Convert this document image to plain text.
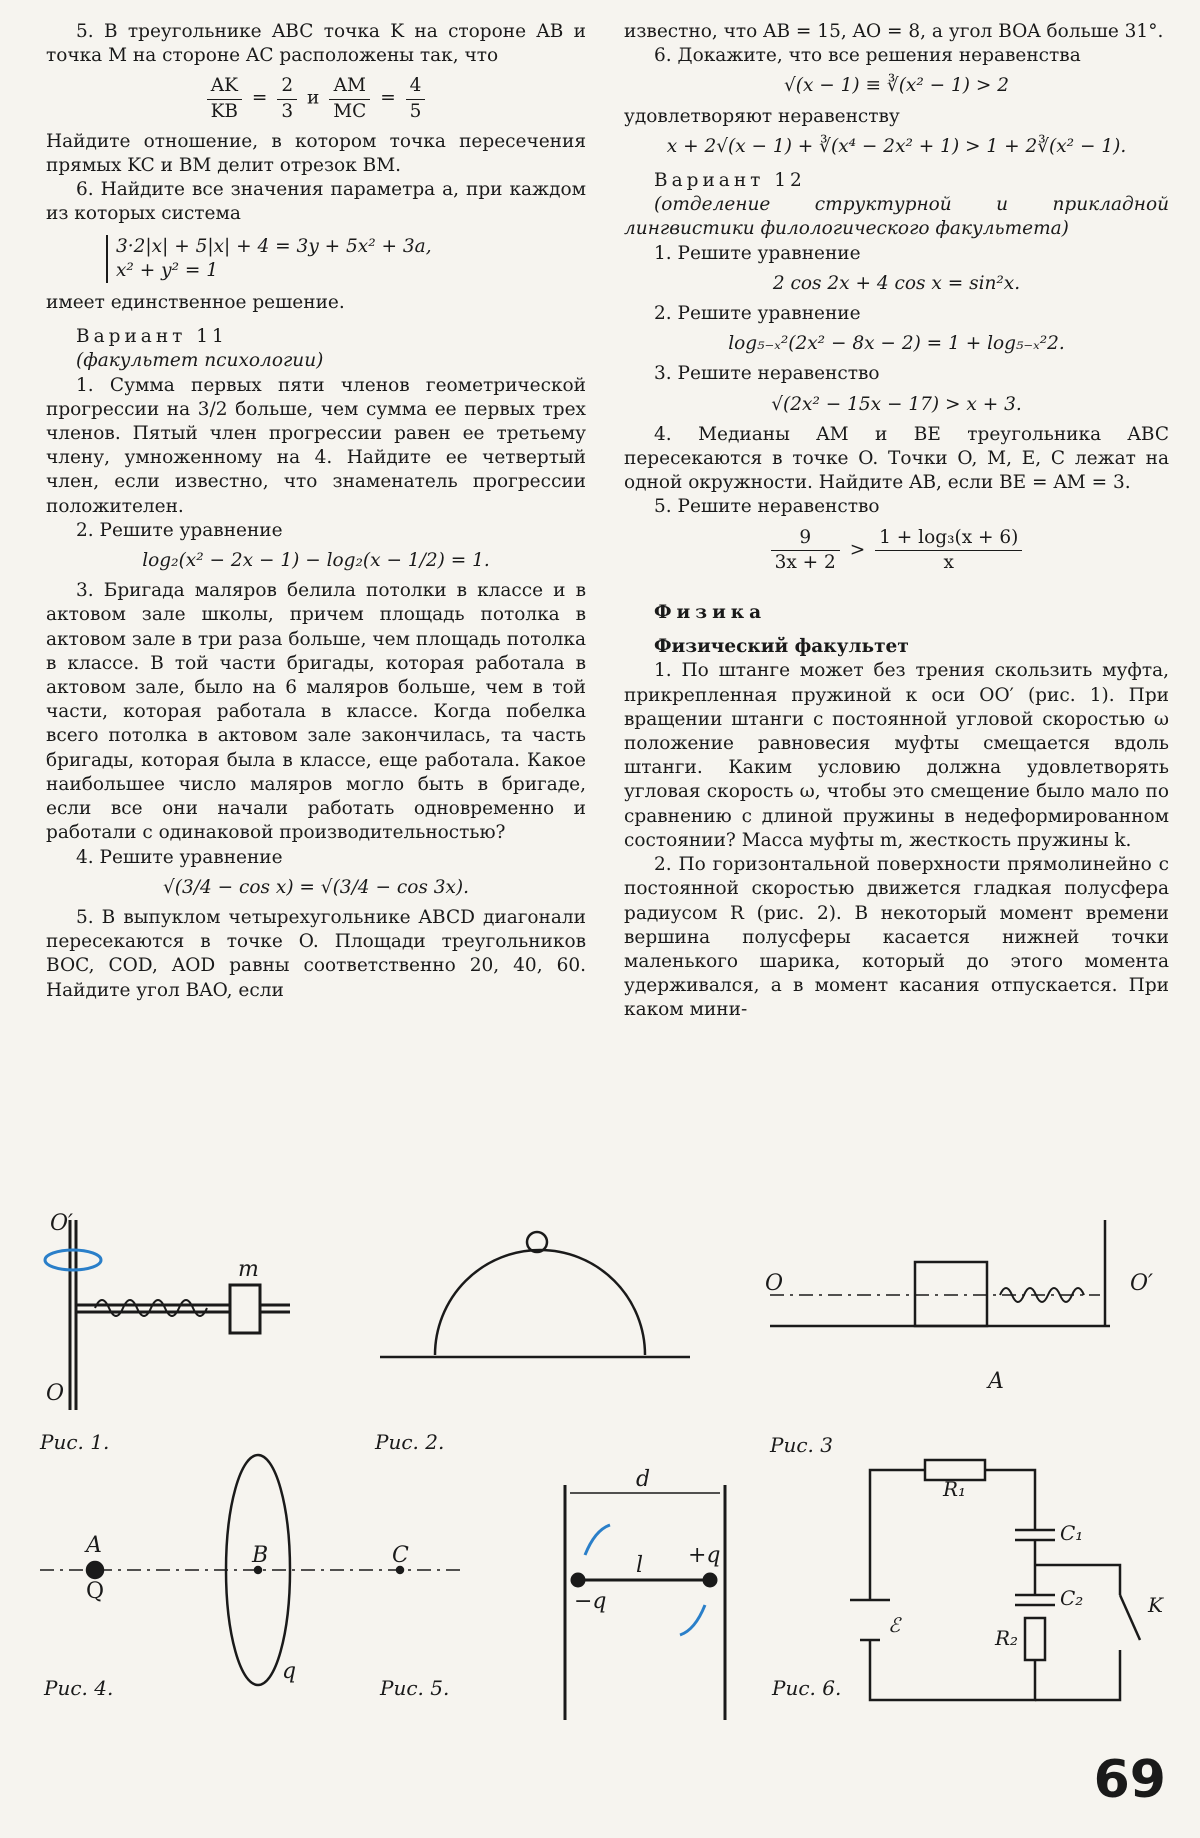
5. В треугольнике ABC точка K на стороне AB и точка M на стороне AC расположены так, что

$\frac{AK}{KB} = \frac{2}{3}$ и $\frac{AM}{MC} = \frac{4}{5}$

Найдите отношение, в котором точка пересечения прямых KC и BM делит отрезок BM.

6. Найдите все значения параметра a, при каждом из которых система

3·2|x| + 5|x| + 4 = 3y + 5x² + 3a,
x² + y² = 1

имеет единственное решение.

Вариант 11

(факультет психологии)

1. Сумма первых пяти членов геометрической прогрессии на 3/2 больше, чем сумма ее первых трех членов. Пятый член прогрессии равен ее третьему члену, умноженному на 4. Найдите ее четвертый член, если известно, что знаменатель прогрессии положителен.

2. Решите уравнение

log₂(x² − 2x − 1) − log₂(x − 1/2) = 1.

3. Бригада маляров белила потолки в классе и в актовом зале школы, причем площадь потолка в актовом зале в три раза больше, чем площадь потолка в классе. В той части бригады, которая работала в актовом зале, было на 6 маляров больше, чем в той части, которая работала в классе. Когда побелка всего потолка в актовом зале закончилась, та часть бригады, которая была в классе, еще работала. Какое наибольшее число маляров могло быть в бригаде, если все они начали работать одновременно и работали с одинаковой производительностью?

4. Решите уравнение

√(3/4 − cos x) = √(3/4 − cos 3x).

5. В выпуклом четырехугольнике ABCD диагонали пересекаются в точке O. Площади треугольников BOC, COD, AOD равны соответственно 20, 40, 60. Найдите угол BAO, если

известно, что AB = 15, AO = 8, а угол BOA больше 31°.

6. Докажите, что все решения неравенства

√(x − 1) ≡ ∛(x² − 1) > 2

удовлетворяют неравенству

x + 2√(x − 1) + ∛(x⁴ − 2x² + 1) > 1 + 2∛(x² − 1).

Вариант 12

(отделение структурной и прикладной лингвистики филологического факультета)

1. Решите уравнение

2 cos 2x + 4 cos x = sin²x.

2. Решите уравнение

log₅₋ₓ²(2x² − 8x − 2) = 1 + log₅₋ₓ²2.

3. Решите неравенство

√(2x² − 15x − 17) > x + 3.

4. Медианы AM и BE треугольника ABC пересекаются в точке O. Точки O, M, E, C лежат на одной окружности. Найдите AB, если BE = AM = 3.

5. Решите неравенство

$\frac{9}{3x + 2} > \frac{\text{1 + log₃(x + 6)}}{x}$

Физика

Физический факультет

1. По штанге может без трения скользить муфта, прикрепленная пружиной к оси OO′ (рис. 1). При вращении штанги с постоянной угловой скоростью ω положение равновесия муфты смещается вдоль штанги. Каким условию должна удовлетворять угловая скорость ω, чтобы это смещение было мало по сравнению с длиной пружины в недеформированном состоянии? Масса муфты m, жесткость пружины k.

2. По горизонтальной поверхности прямолинейно с постоянной скоростью движется гладкая полусфера радиусом R (рис. 2). В некоторый момент времени вершина полусферы касается нижней точки маленького шарика, который до этого момента удерживался, а в момент касания отпускается. При каком мини-

O′
O
m
O	O′
A
A
Q
B	C
q
d
l +q
−q
R₁
C₁
C₂
R₂
K
ℰ
Рис. 1.	Рис. 2.	Рис. 3
Рис. 4.	Рис. 5.	Рис. 6.
69
